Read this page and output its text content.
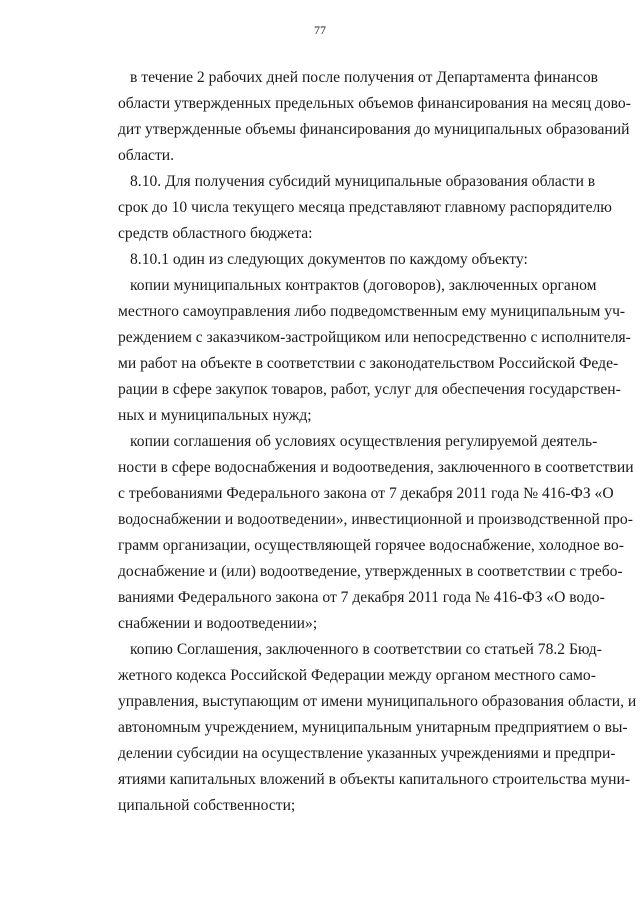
77
в течение 2 рабочих дней после получения от Департамента финансов
области утвержденных предельных объемов финансирования на месяц дово-
дит утвержденные объемы финансирования до муниципальных образований
области.
8.10. Для получения субсидий муниципальные образования области в
срок до 10 числа текущего месяца представляют главному распорядителю
средств областного бюджета:
8.10.1 один из следующих документов по каждому объекту:
копии муниципальных контрактов (договоров), заключенных органом
местного самоуправления либо подведомственным ему муниципальным уч-
реждением с заказчиком-застройщиком или непосредственно с исполнителя-
ми работ на объекте в соответствии с законодательством Российской Феде-
рации в сфере закупок товаров, работ, услуг для обеспечения государствен-
ных и муниципальных нужд;
копии соглашения об условиях осуществления регулируемой деятель-
ности в сфере водоснабжения и водоотведения, заключенного в соответствии
с требованиями Федерального закона от 7 декабря 2011 года № 416-ФЗ «О
водоснабжении и водоотведении», инвестиционной и производственной про-
грамм организации, осуществляющей горячее водоснабжение, холодное во-
доснабжение и (или) водоотведение, утвержденных в соответствии с требо-
ваниями Федерального закона от 7 декабря 2011 года № 416-ФЗ «О водо-
снабжении и водоотведении»;
копию Соглашения, заключенного в соответствии со статьей 78.2 Бюд-
жетного кодекса Российской Федерации между органом местного само-
управления, выступающим от имени муниципального образования области, и
автономным учреждением, муниципальным унитарным предприятием о вы-
делении субсидии на осуществление указанных учреждениями и предпри-
ятиями капитальных вложений в объекты капитального строительства муни-
ципальной собственности;
